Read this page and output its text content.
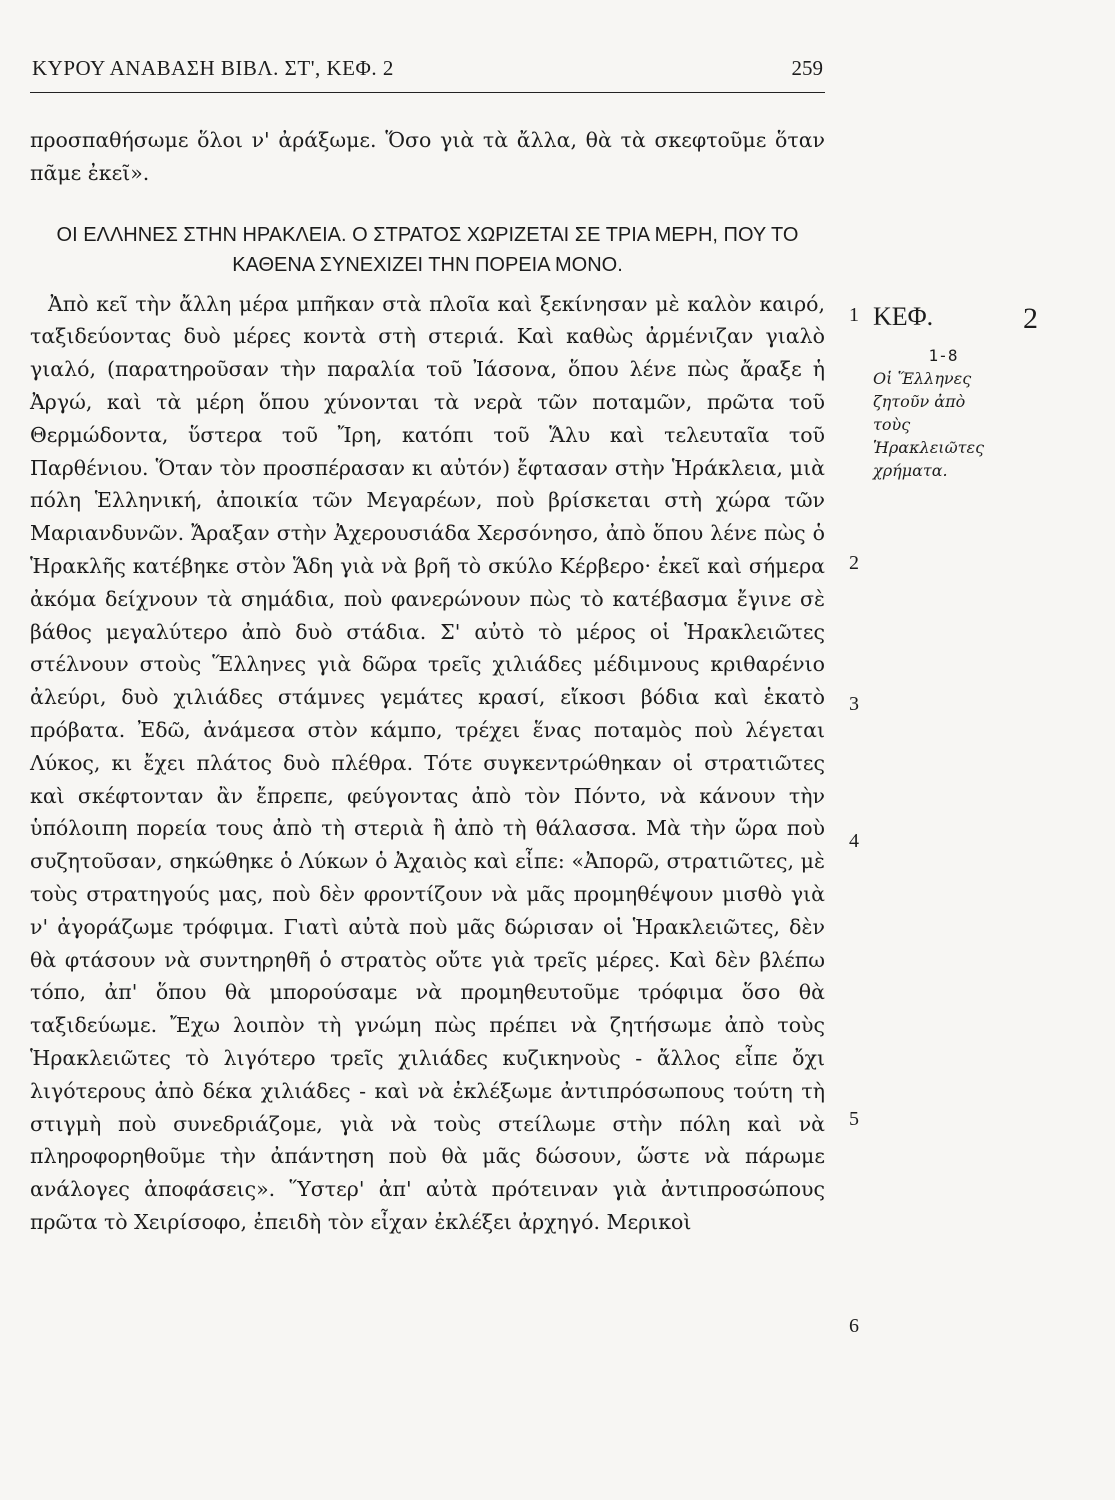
ΚΥΡΟΥ ΑΝΑΒΑΣΗ ΒΙΒΛ. ΣΤ', ΚΕΦ. 2	259

προσπαθήσωμε ὅλοι ν' ἀράξωμε. Ὅσο γιὰ τὰ ἄλλα, θὰ τὰ σκεφτοῦμε ὅταν πᾶμε ἐκεῖ».

ΟΙ ΕΛΛΗΝΕΣ ΣΤΗΝ ΗΡΑΚΛΕΙΑ. Ο ΣΤΡΑΤΟΣ ΧΩΡΙΖΕΤΑΙ ΣΕ ΤΡΙΑ ΜΕΡΗ, ΠΟΥ ΤΟ ΚΑΘΕΝΑ ΣΥΝΕΧΙΖΕΙ ΤΗΝ ΠΟΡΕΙΑ ΜΟΝΟ.

Ἀπὸ κεῖ τὴν ἄλλη μέρα μπῆκαν στὰ πλοῖα καὶ ξεκίνησαν μὲ καλὸν καιρό, ταξιδεύοντας δυὸ μέρες κοντὰ στὴ στεριά. Καὶ καθὼς ἀρμένιζαν γιαλὸ γιαλό, (παρατηροῦσαν τὴν παραλία τοῦ Ἰάσονα, ὅπου λένε πὼς ἄραξε ἡ Ἀργώ, καὶ τὰ μέρη ὅπου χύνονται τὰ νερὰ τῶν ποταμῶν, πρῶτα τοῦ Θερμώδοντα, ὕστερα τοῦ Ἴρη, κατόπι τοῦ Ἅλυ καὶ τελευταῖα τοῦ Παρθένιου. Ὅταν τὸν προσπέρασαν κι αὐτόν) ἔφτασαν στὴν Ἡράκλεια, μιὰ πόλη Ἑλληνική, ἀποικία τῶν Μεγαρέων, ποὺ βρίσκεται στὴ χώρα τῶν Μαριανδυνῶν. Ἄραξαν στὴν Ἀχερουσιάδα Χερσόνησο, ἀπὸ ὅπου λένε πὼς ὁ Ἡρακλῆς κατέβηκε στὸν Ἅδη γιὰ νὰ βρῆ τὸ σκύλο Κέρβερο· ἐκεῖ καὶ σήμερα ἀκόμα δείχνουν τὰ σημάδια, ποὺ φανερώνουν πὼς τὸ κατέβασμα ἔγινε σὲ βάθος μεγαλύτερο ἀπὸ δυὸ στάδια. Σ' αὐτὸ τὸ μέρος οἱ Ἡρακλειῶτες στέλνουν στοὺς Ἕλληνες γιὰ δῶρα τρεῖς χιλιάδες μέδιμνους κριθαρένιο ἀλεύρι, δυὸ χιλιάδες στάμνες γεμάτες κρασί, εἴκοσι βόδια καὶ ἑκατὸ πρόβατα. Ἐδῶ, ἀνάμεσα στὸν κάμπο, τρέχει ἕνας ποταμὸς ποὺ λέγεται Λύκος, κι ἔχει πλάτος δυὸ πλέθρα. Τότε συγκεντρώθηκαν οἱ στρατιῶτες καὶ σκέφτονταν ἂν ἔπρεπε, φεύγοντας ἀπὸ τὸν Πόντο, νὰ κάνουν τὴν ὑπόλοιπη πορεία τους ἀπὸ τὴ στεριὰ ἢ ἀπὸ τὴ θάλασσα. Μὰ τὴν ὥρα ποὺ συζητοῦσαν, σηκώθηκε ὁ Λύκων ὁ Ἀχαιὸς καὶ εἶπε: «Ἀπορῶ, στρατιῶτες, μὲ τοὺς στρατηγούς μας, ποὺ δὲν φροντίζουν νὰ μᾶς προμηθέψουν μισθὸ γιὰ ν' ἀγοράζωμε τρόφιμα. Γιατὶ αὐτὰ ποὺ μᾶς δώρισαν οἱ Ἡρακλειῶτες, δὲν θὰ φτάσουν νὰ συντηρηθῆ ὁ στρατὸς οὔτε γιὰ τρεῖς μέρες. Καὶ δὲν βλέπω τόπο, ἀπ' ὅπου θὰ μπορούσαμε νὰ προμηθευτοῦμε τρόφιμα ὅσο θὰ ταξιδεύωμε. Ἔχω λοιπὸν τὴ γνώμη πὼς πρέπει νὰ ζητήσωμε ἀπὸ τοὺς Ἡρακλειῶτες τὸ λιγότερο τρεῖς χιλιάδες κυζικηνοὺς - ἄλλος εἶπε ὄχι λιγότερους ἀπὸ δέκα χιλιάδες - καὶ νὰ ἐκλέξωμε ἀντιπρόσωπους τούτη τὴ στιγμὴ ποὺ συνεδριάζομε, γιὰ νὰ τοὺς στείλωμε στὴν πόλη καὶ νὰ πληροφορηθοῦμε τὴν ἀπάντηση ποὺ θὰ μᾶς δώσουν, ὥστε νὰ πάρωμε ανάλογες ἀποφάσεις». Ὕστερ' ἀπ' αὐτὰ πρότειναν γιὰ ἀντιπροσώπους πρῶτα τὸ Χειρίσοφο, ἐπειδὴ τὸν εἶχαν ἐκλέξει ἀρχηγό. Μερικοὶ

1
2
3
4
5
6
ΚΕΦ.	2
1-8
Οἱ Ἕλληνες ζητοῦν ἀπὸ τοὺς Ἡρακλειῶτες χρήματα.
